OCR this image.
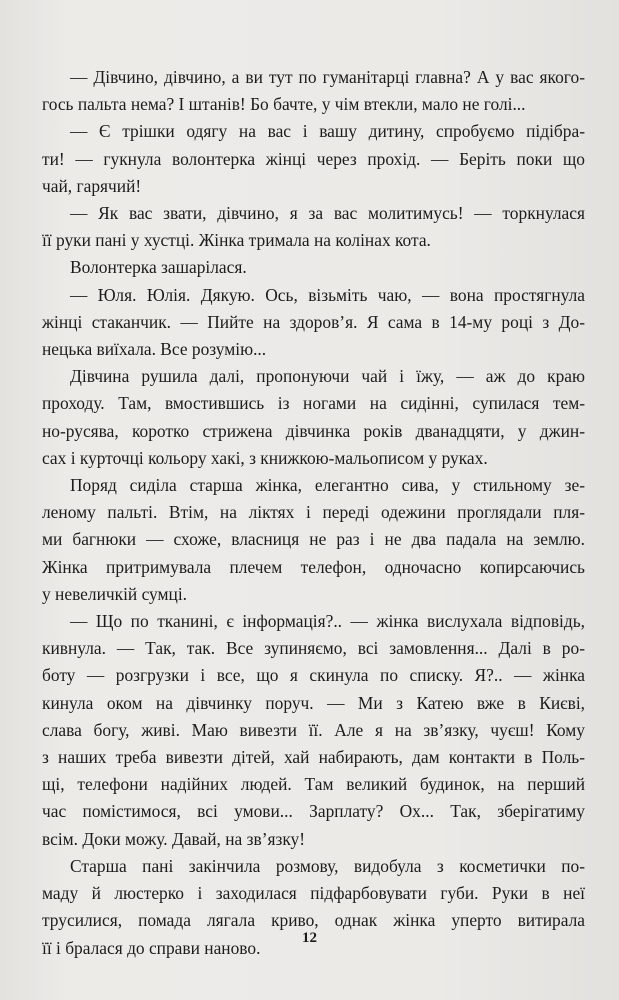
— Дівчино, дівчино, а ви тут по гуманітарці главна? А у вас якого-
гось пальта нема? І штанів! Бо бачте, у чім втекли, мало не голі...
— Є трішки одягу на вас і вашу дитину, спробуємо підібра-
ти! — гукнула волонтерка жінці через прохід. — Беріть поки що
чай, гарячий!
— Як вас звати, дівчино, я за вас молитимусь! — торкнулася
її руки пані у хустці. Жінка тримала на колінах кота.
Волонтерка зашарілася.
— Юля. Юлія. Дякую. Ось, візьміть чаю, — вона простягнула
жінці стаканчик. — Пийте на здоров’я. Я сама в 14-му році з До-
нецька виїхала. Все розумію...
Дівчина рушила далі, пропонуючи чай і їжу, — аж до краю
проходу. Там, вмостившись із ногами на сидінні, супилася тем-
но-русява, коротко стрижена дівчинка років дванадцяти, у джин-
сах і курточці кольору хакі, з книжкою-мальописом у руках.
Поряд сиділа старша жінка, елегантно сива, у стильному зе-
леному пальті. Втім, на ліктях і переді одежини проглядали пля-
ми багнюки — схоже, власниця не раз і не два падала на землю.
Жінка притримувала плечем телефон, одночасно копирсаючись
у невеличкій сумці.
— Що по тканині, є інформація?.. — жінка вислухала відповідь,
кивнула. — Так, так. Все зупиняємо, всі замовлення... Далі в ро-
боту — розгрузки і все, що я скинула по списку. Я?.. — жінка
кинула оком на дівчинку поруч. — Ми з Катею вже в Києві,
слава богу, живі. Маю вивезти її. Але я на зв’язку, чуєш! Кому
з наших треба вивезти дітей, хай набирають, дам контакти в Поль-
щі, телефони надійних людей. Там великий будинок, на перший
час помістимося, всі умови... Зарплату? Ох... Так, зберігатиму
всім. Доки можу. Давай, на зв’язку!
Старша пані закінчила розмову, видобула з косметички по-
маду й люстерко і заходилася підфарбовувати губи. Руки в неї
трусилися, помада лягала криво, однак жінка уперто витирала
її і бралася до справи наново.	12
